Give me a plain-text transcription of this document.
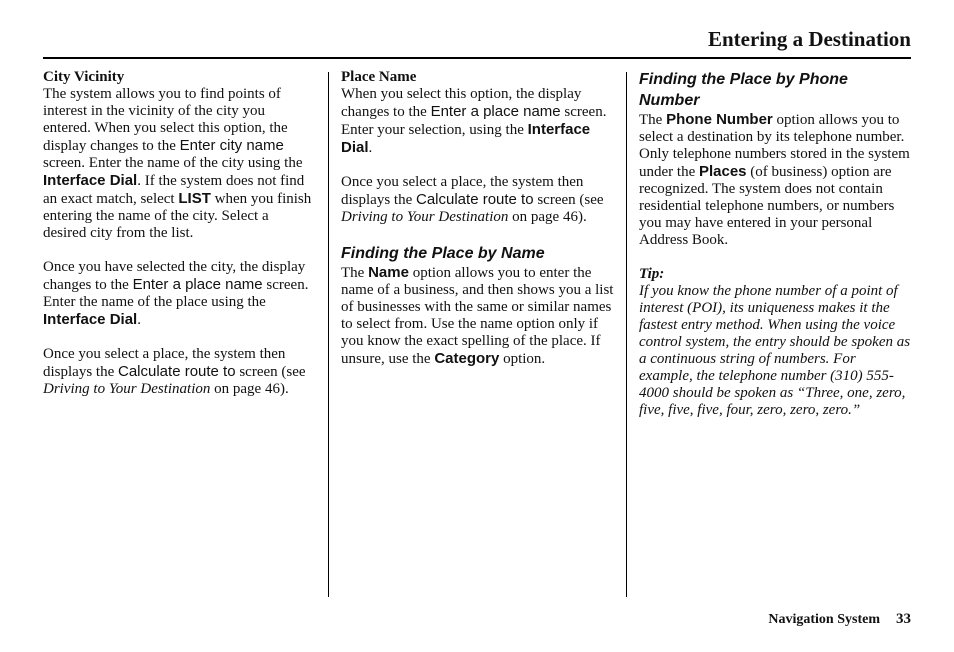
Entering a Destination

City Vicinity

The system allows you to find points of interest in the vicinity of the city you entered. When you select this option, the display changes to the Enter city name screen. Enter the name of the city using the Interface Dial. If the system does not find an exact match, select LIST when you finish entering the name of the city. Select a desired city from the list.

Once you have selected the city, the display changes to the Enter a place name screen. Enter the name of the place using the Interface Dial.

Once you select a place, the system then displays the Calculate route to screen (see Driving to Your Destination on page 46).

Place Name

When you select this option, the display changes to the Enter a place name screen. Enter your selection, using the Interface Dial.

Once you select a place, the system then displays the Calculate route to screen (see Driving to Your Destination on page 46).

Finding the Place by Name

The Name option allows you to enter the name of a business, and then shows you a list of businesses with the same or similar names to select from. Use the name option only if you know the exact spelling of the place. If unsure, use the Category option.

Finding the Place by Phone Number

The Phone Number option allows you to select a destination by its telephone number. Only telephone numbers stored in the system under the Places (of business) option are recognized. The system does not contain residential telephone numbers, or numbers you may have entered in your personal Address Book.

Tip:

If you know the phone number of a point of interest (POI), its uniqueness makes it the fastest entry method. When using the voice control system, the entry should be spoken as a continuous string of numbers. For example, the telephone number (310) 555-4000 should be spoken as “Three, one, zero, five, five, five, four, zero, zero, zero.”

Navigation System 33
